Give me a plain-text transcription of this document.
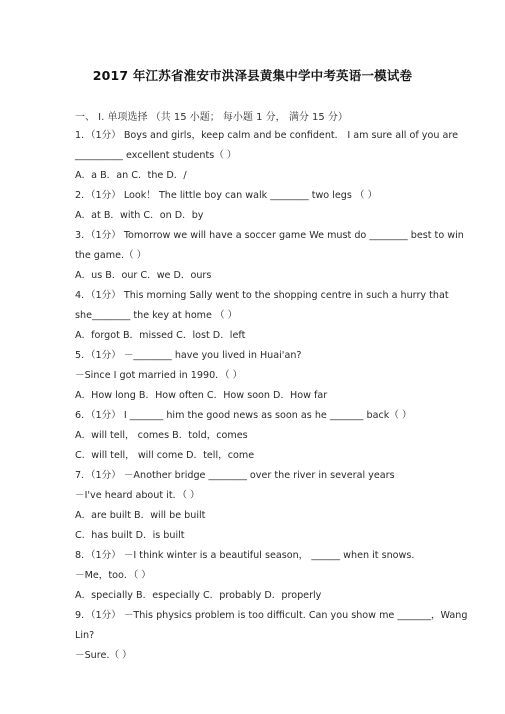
2017 年江苏省淮安市洪泽县黄集中学中考英语一模试卷
一、 I. 单项选择 （共 15 小题； 每小题 1 分， 满分 15 分）
1．（1分） Boys and girls，keep calm and be confident． I am sure all of you are
__________ excellent students（ ）
A．a B．an C．the D．/
2．（1分） Look！ The little boy can walk ________ two legs （ ）
A．at B．with C．on D．by
3．（1分） Tomorrow we will have a soccer game We must do ________ best to win
the game.（ ）
A．us B．our C．we D．ours
4．（1分） This morning Sally went to the shopping centre in such a hurry that
she________ the key at home （ ）
A．forgot B．missed C．lost D．left
5．（1分） －________ have you lived in Huai'an?
－Since I got married in 1990．（ ）
A．How long B．How often C．How soon D．How far
6．（1分） I _______ him the good news as soon as he _______ back（ ）
A．will tell， comes B．told，comes
C．will tell， will come D．tell，come
7．（1分） －Another bridge ________ over the river in several years
－I've heard about it．（ ）
A．are built B．will be built
C．has built D．is built
8．（1分） －I think winter is a beautiful season， ______ when it snows.
－Me，too．（ ）
A．specially B．especially C．probably D．properly
9．（1分） －This physics problem is too difficult. Can you show me _______，Wang
Lin?
－Sure.（ ）
